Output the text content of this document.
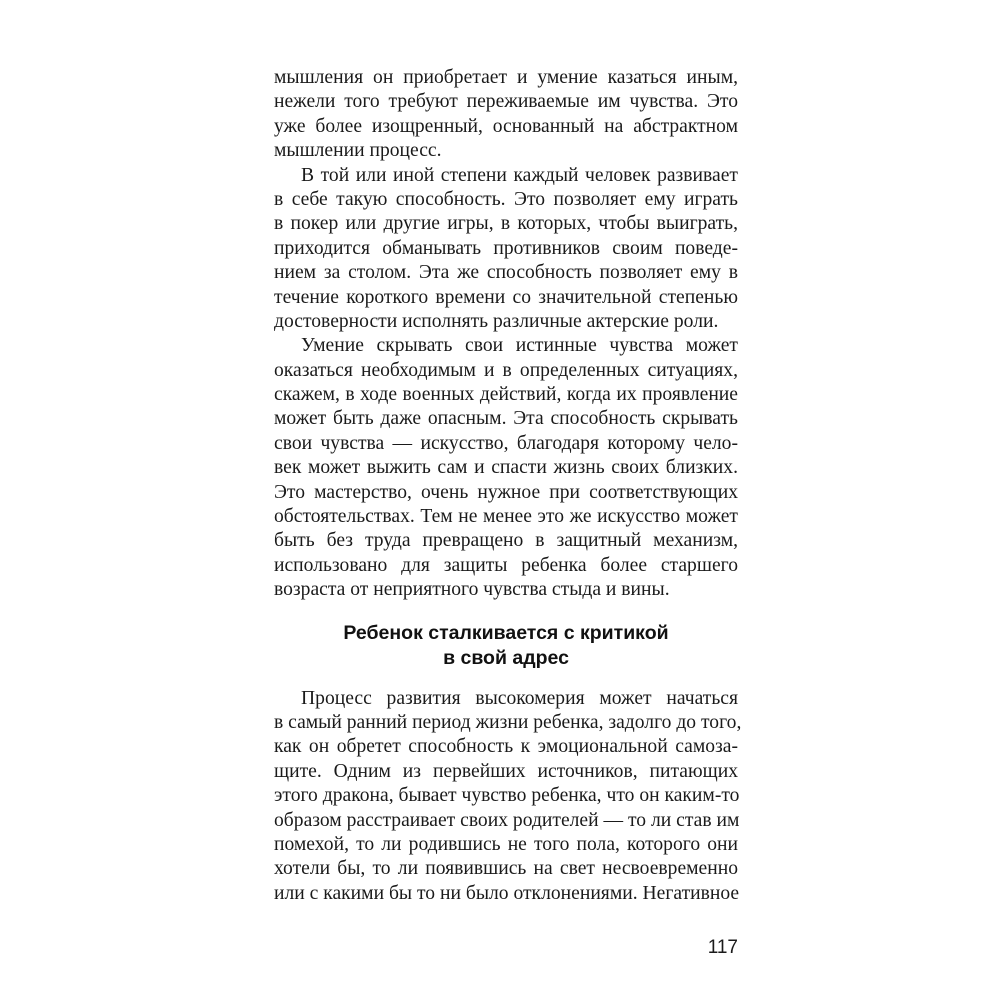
мышления он приобретает и умение казаться иным,
нежели того требуют переживаемые им чувства. Это
уже более изощренный, основанный на абстрактном
мышлении процесс.
В той или иной степени каждый человек развивает
в себе такую способность. Это позволяет ему играть
в покер или другие игры, в которых, чтобы выиграть,
приходится обманывать противников своим поведе-
нием за столом. Эта же способность позволяет ему в
течение короткого времени со значительной степенью
достоверности исполнять различные актерские роли.
Умение скрывать свои истинные чувства может
оказаться необходимым и в определенных ситуациях,
скажем, в ходе военных действий, когда их проявление
может быть даже опасным. Эта способность скрывать
свои чувства — искусство, благодаря которому чело-
век может выжить сам и спасти жизнь своих близких.
Это мастерство, очень нужное при соответствующих
обстоятельствах. Тем не менее это же искусство может
быть без труда превращено в защитный механизм,
использовано для защиты ребенка более старшего
возраста от неприятного чувства стыда и вины.
Ребенок сталкивается с критикой
в свой адрес
Процесс развития высокомерия может начаться
в самый ранний период жизни ребенка, задолго до того,
как он обретет способность к эмоциональной самоза-
щите. Одним из первейших источников, питающих
этого дракона, бывает чувство ребенка, что он каким-то
образом расстраивает своих родителей — то ли став им
помехой, то ли родившись не того пола, которого они
хотели бы, то ли появившись на свет несвоевременно
или с какими бы то ни было отклонениями. Негативное
117
